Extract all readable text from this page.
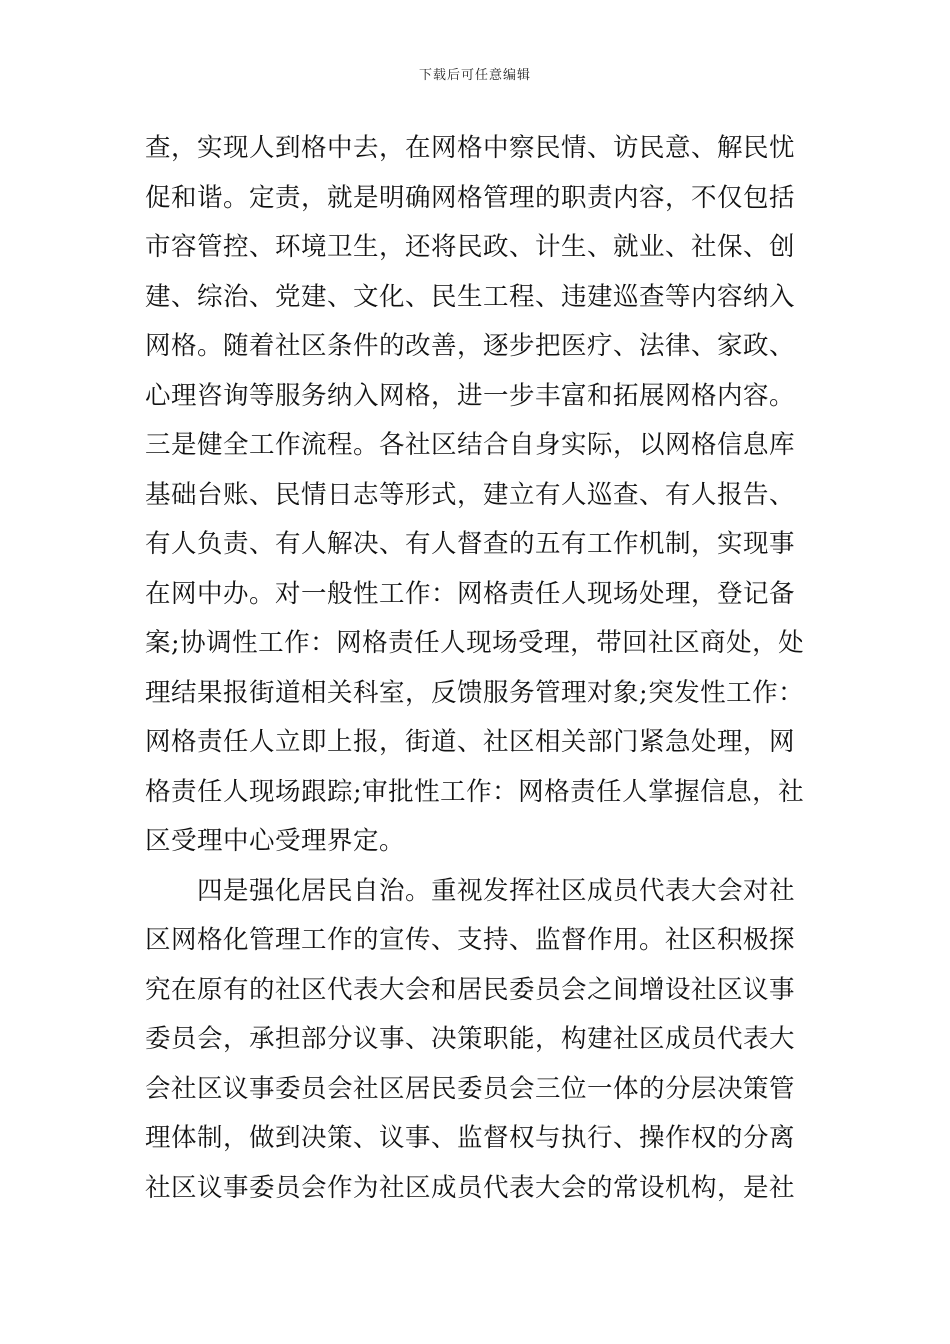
下载后可任意编辑
查，实现人到格中去，在网格中察民情、访民意、解民忧
促和谐。定责，就是明确网格管理的职责内容，不仅包括
市容管控、环境卫生，还将民政、计生、就业、社保、创
建、综治、党建、文化、民生工程、违建巡查等内容纳入
网格。随着社区条件的改善，逐步把医疗、法律、家政、
心理咨询等服务纳入网格，进一步丰富和拓展网格内容。
三是健全工作流程。各社区结合自身实际，以网格信息库
基础台账、民情日志等形式，建立有人巡查、有人报告、
有人负责、有人解决、有人督查的五有工作机制，实现事
在网中办。对一般性工作：网格责任人现场处理，登记备
案;协调性工作：网格责任人现场受理，带回社区商处，处
理结果报街道相关科室，反馈服务管理对象;突发性工作：
网格责任人立即上报，街道、社区相关部门紧急处理，网
格责任人现场跟踪;审批性工作：网格责任人掌握信息，社
区受理中心受理界定。
四是强化居民自治。重视发挥社区成员代表大会对社
区网格化管理工作的宣传、支持、监督作用。社区积极探
究在原有的社区代表大会和居民委员会之间增设社区议事
委员会，承担部分议事、决策职能，构建社区成员代表大
会社区议事委员会社区居民委员会三位一体的分层决策管
理体制，做到决策、议事、监督权与执行、操作权的分离
社区议事委员会作为社区成员代表大会的常设机构，是社
